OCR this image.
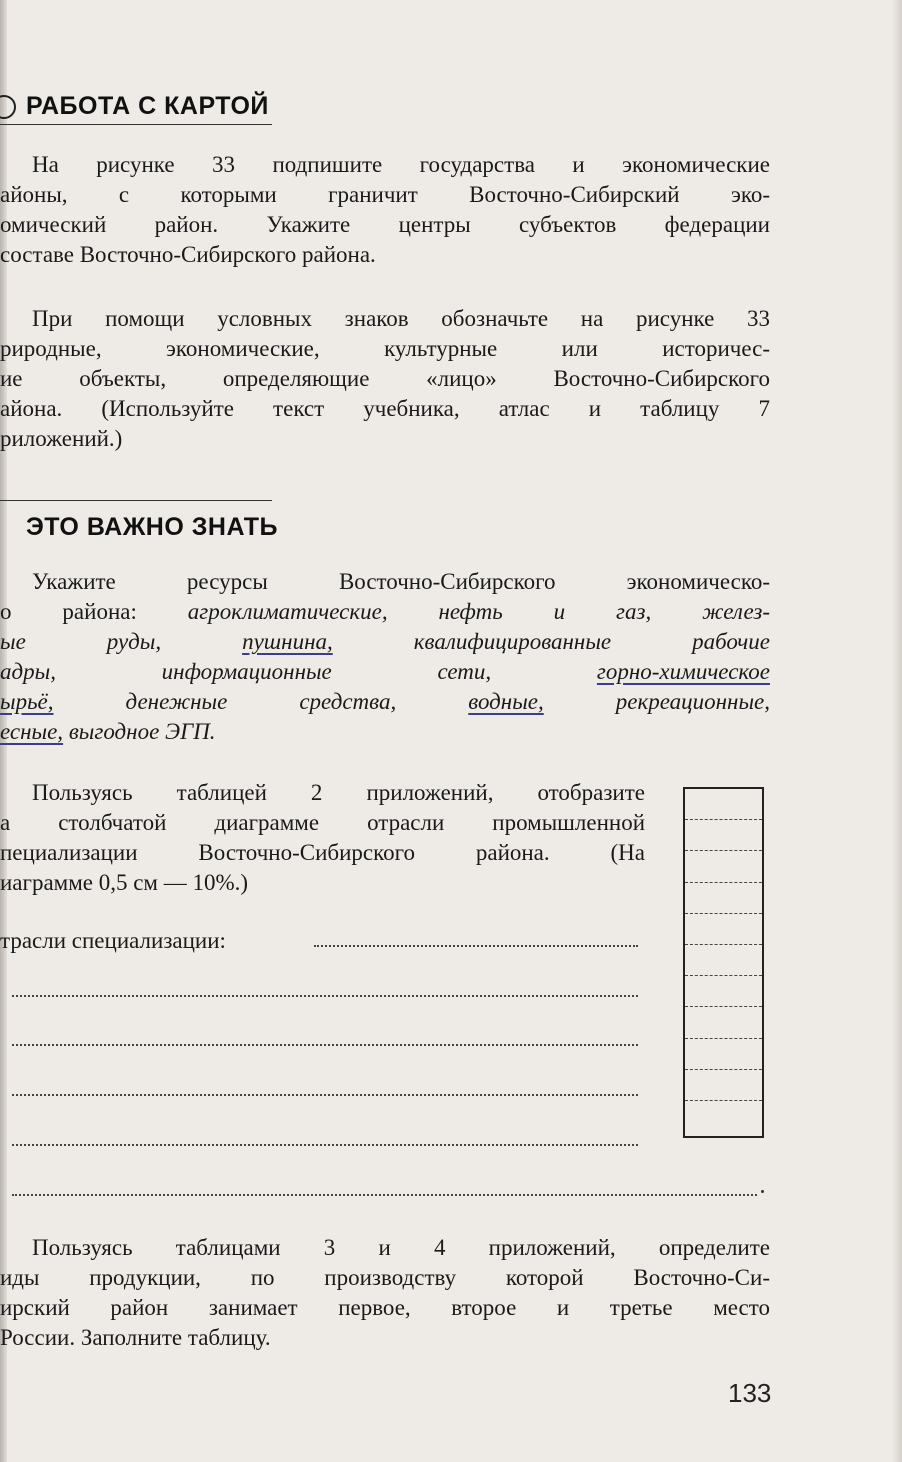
РАБОТА С КАРТОЙ

На рисунке 33 подпишите государства и экономические

айоны, с которыми граничит Восточно-Сибирский эко-

омический район. Укажите центры субъектов федерации

составе Восточно-Сибирского района.

При помощи условных знаков обозначьте на рисунке 33

риродные, экономические, культурные или историчес-

ие объекты, определяющие «лицо» Восточно-Сибирского

айона. (Используйте текст учебника, атлас и таблицу 7

риложений.)

ЭТО ВАЖНО ЗНАТЬ

Укажите ресурсы Восточно-Сибирского экономическо-

о района: агроклиматические, нефть и газ, желез-

ые руды, пушнина, квалифицированные рабочие

адры, информационные сети, горно-химическое

ырьё, денежные средства, водные, рекреационные,

есные, выгодное ЭГП.

Пользуясь таблицей 2 приложений, отобразите

а столбчатой диаграмме отрасли промышленной

пециализации Восточно-Сибирского района. (На

иаграмме 0,5 см — 10%.)

трасли специализации:

Пользуясь таблицами 3 и 4 приложений, определите

иды продукции, по производству которой Восточно-Си-

ирский район занимает первое, второе и третье место

России. Заполните таблицу.

133
